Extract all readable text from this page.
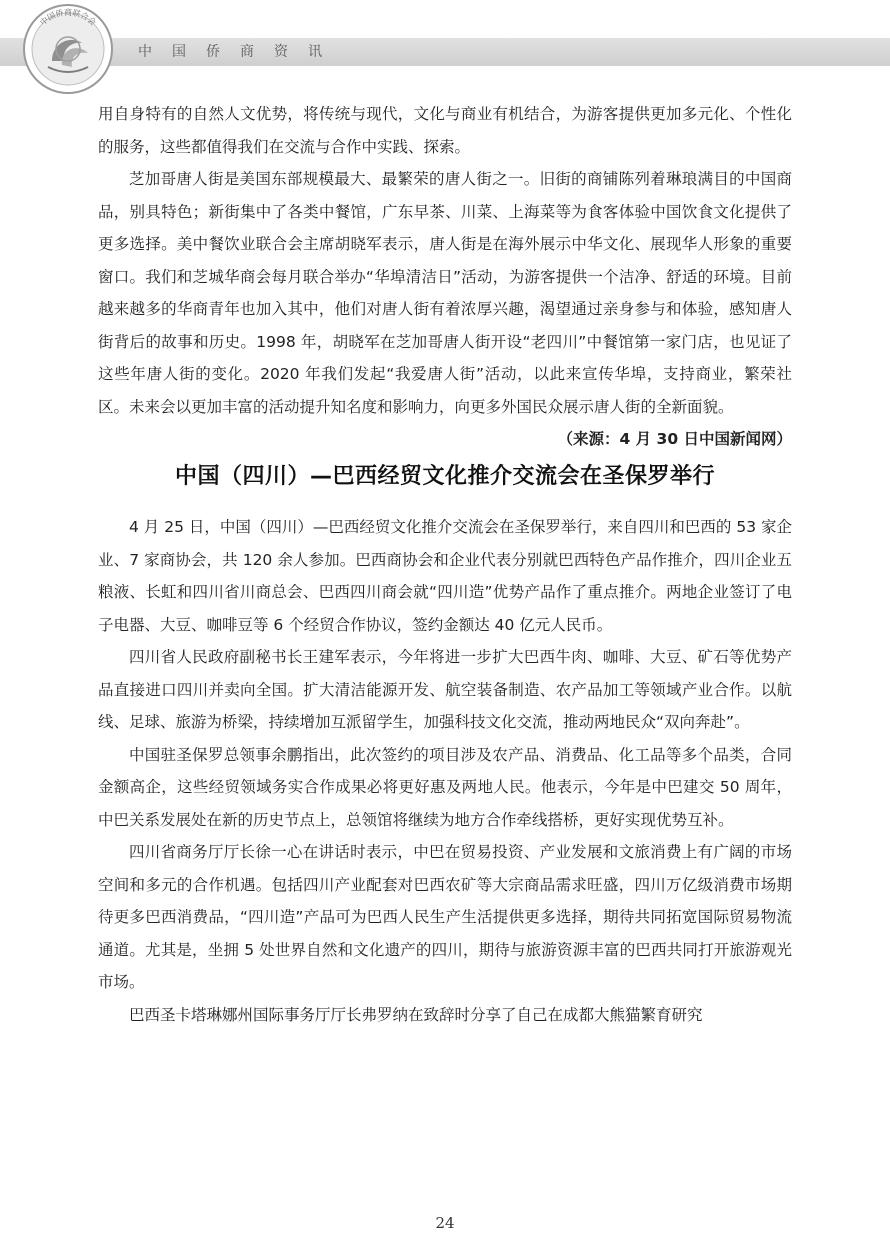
中国侨商资讯
中国侨商联合会

用自身特有的自然人文优势，将传统与现代，文化与商业有机结合，为游客提供更加多元化、个性化的服务，这些都值得我们在交流与合作中实践、探索。

芝加哥唐人街是美国东部规模最大、最繁荣的唐人街之一。旧街的商铺陈列着琳琅满目的中国商品，别具特色；新街集中了各类中餐馆，广东早茶、川菜、上海菜等为食客体验中国饮食文化提供了更多选择。美中餐饮业联合会主席胡晓军表示，唐人街是在海外展示中华文化、展现华人形象的重要窗口。我们和芝城华商会每月联合举办“华埠清洁日”活动，为游客提供一个洁净、舒适的环境。目前越来越多的华商青年也加入其中，他们对唐人街有着浓厚兴趣，渴望通过亲身参与和体验，感知唐人街背后的故事和历史。1998 年，胡晓军在芝加哥唐人街开设“老四川”中餐馆第一家门店，也见证了这些年唐人街的变化。2020 年我们发起“我爱唐人街”活动，以此来宣传华埠，支持商业，繁荣社区。未来会以更加丰富的活动提升知名度和影响力，向更多外国民众展示唐人街的全新面貌。
（来源：4 月 30 日中国新闻网）

中国（四川）—巴西经贸文化推介交流会在圣保罗举行

4 月 25 日，中国（四川）—巴西经贸文化推介交流会在圣保罗举行，来自四川和巴西的 53 家企业、7 家商协会，共 120 余人参加。巴西商协会和企业代表分别就巴西特色产品作推介，四川企业五粮液、长虹和四川省川商总会、巴西四川商会就“四川造”优势产品作了重点推介。两地企业签订了电子电器、大豆、咖啡豆等 6 个经贸合作协议，签约金额达 40 亿元人民币。

四川省人民政府副秘书长王建军表示，今年将进一步扩大巴西牛肉、咖啡、大豆、矿石等优势产品直接进口四川并卖向全国。扩大清洁能源开发、航空装备制造、农产品加工等领域产业合作。以航线、足球、旅游为桥梁，持续增加互派留学生，加强科技文化交流，推动两地民众“双向奔赴”。

中国驻圣保罗总领事余鹏指出，此次签约的项目涉及农产品、消费品、化工品等多个品类，合同金额高企，这些经贸领域务实合作成果必将更好惠及两地人民。他表示，今年是中巴建交 50 周年，中巴关系发展处在新的历史节点上，总领馆将继续为地方合作牵线搭桥，更好实现优势互补。

四川省商务厅厅长徐一心在讲话时表示，中巴在贸易投资、产业发展和文旅消费上有广阔的市场空间和多元的合作机遇。包括四川产业配套对巴西农矿等大宗商品需求旺盛，四川万亿级消费市场期待更多巴西消费品，“四川造”产品可为巴西人民生产生活提供更多选择，期待共同拓宽国际贸易物流通道。尤其是，坐拥 5 处世界自然和文化遗产的四川，期待与旅游资源丰富的巴西共同打开旅游观光市场。

巴西圣卡塔琳娜州国际事务厅厅长弗罗纳在致辞时分享了自己在成都大熊猫繁育研究

24
